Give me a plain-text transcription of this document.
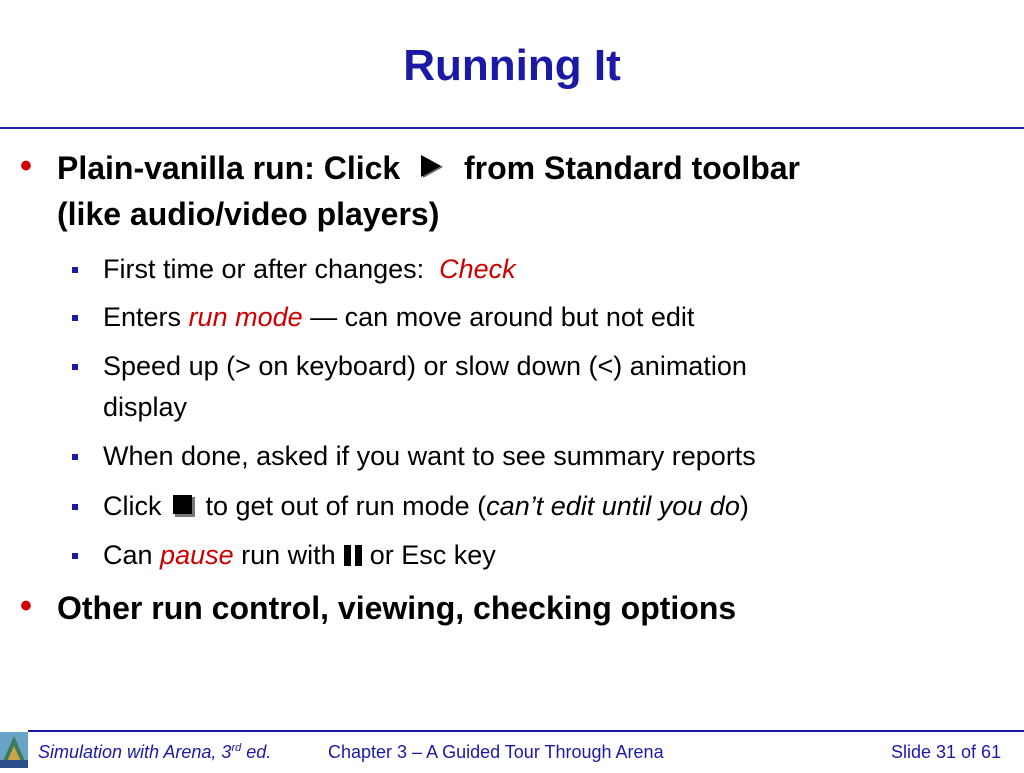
Running It
• Plain-vanilla run: Click from Standard toolbar
(like audio/video players)
First time or after changes: Check
Enters run mode — can move around but not edit
Speed up (> on keyboard) or slow down (<) animation
display
When done, asked if you want to see summary reports
Click to get out of run mode (can’t edit until you do)
Can pause run with or Esc key
• Other run control, viewing, checking options
Simulation with Arena, 3rd ed.	Chapter 3 – A Guided Tour Through Arena	Slide 31 of 61
